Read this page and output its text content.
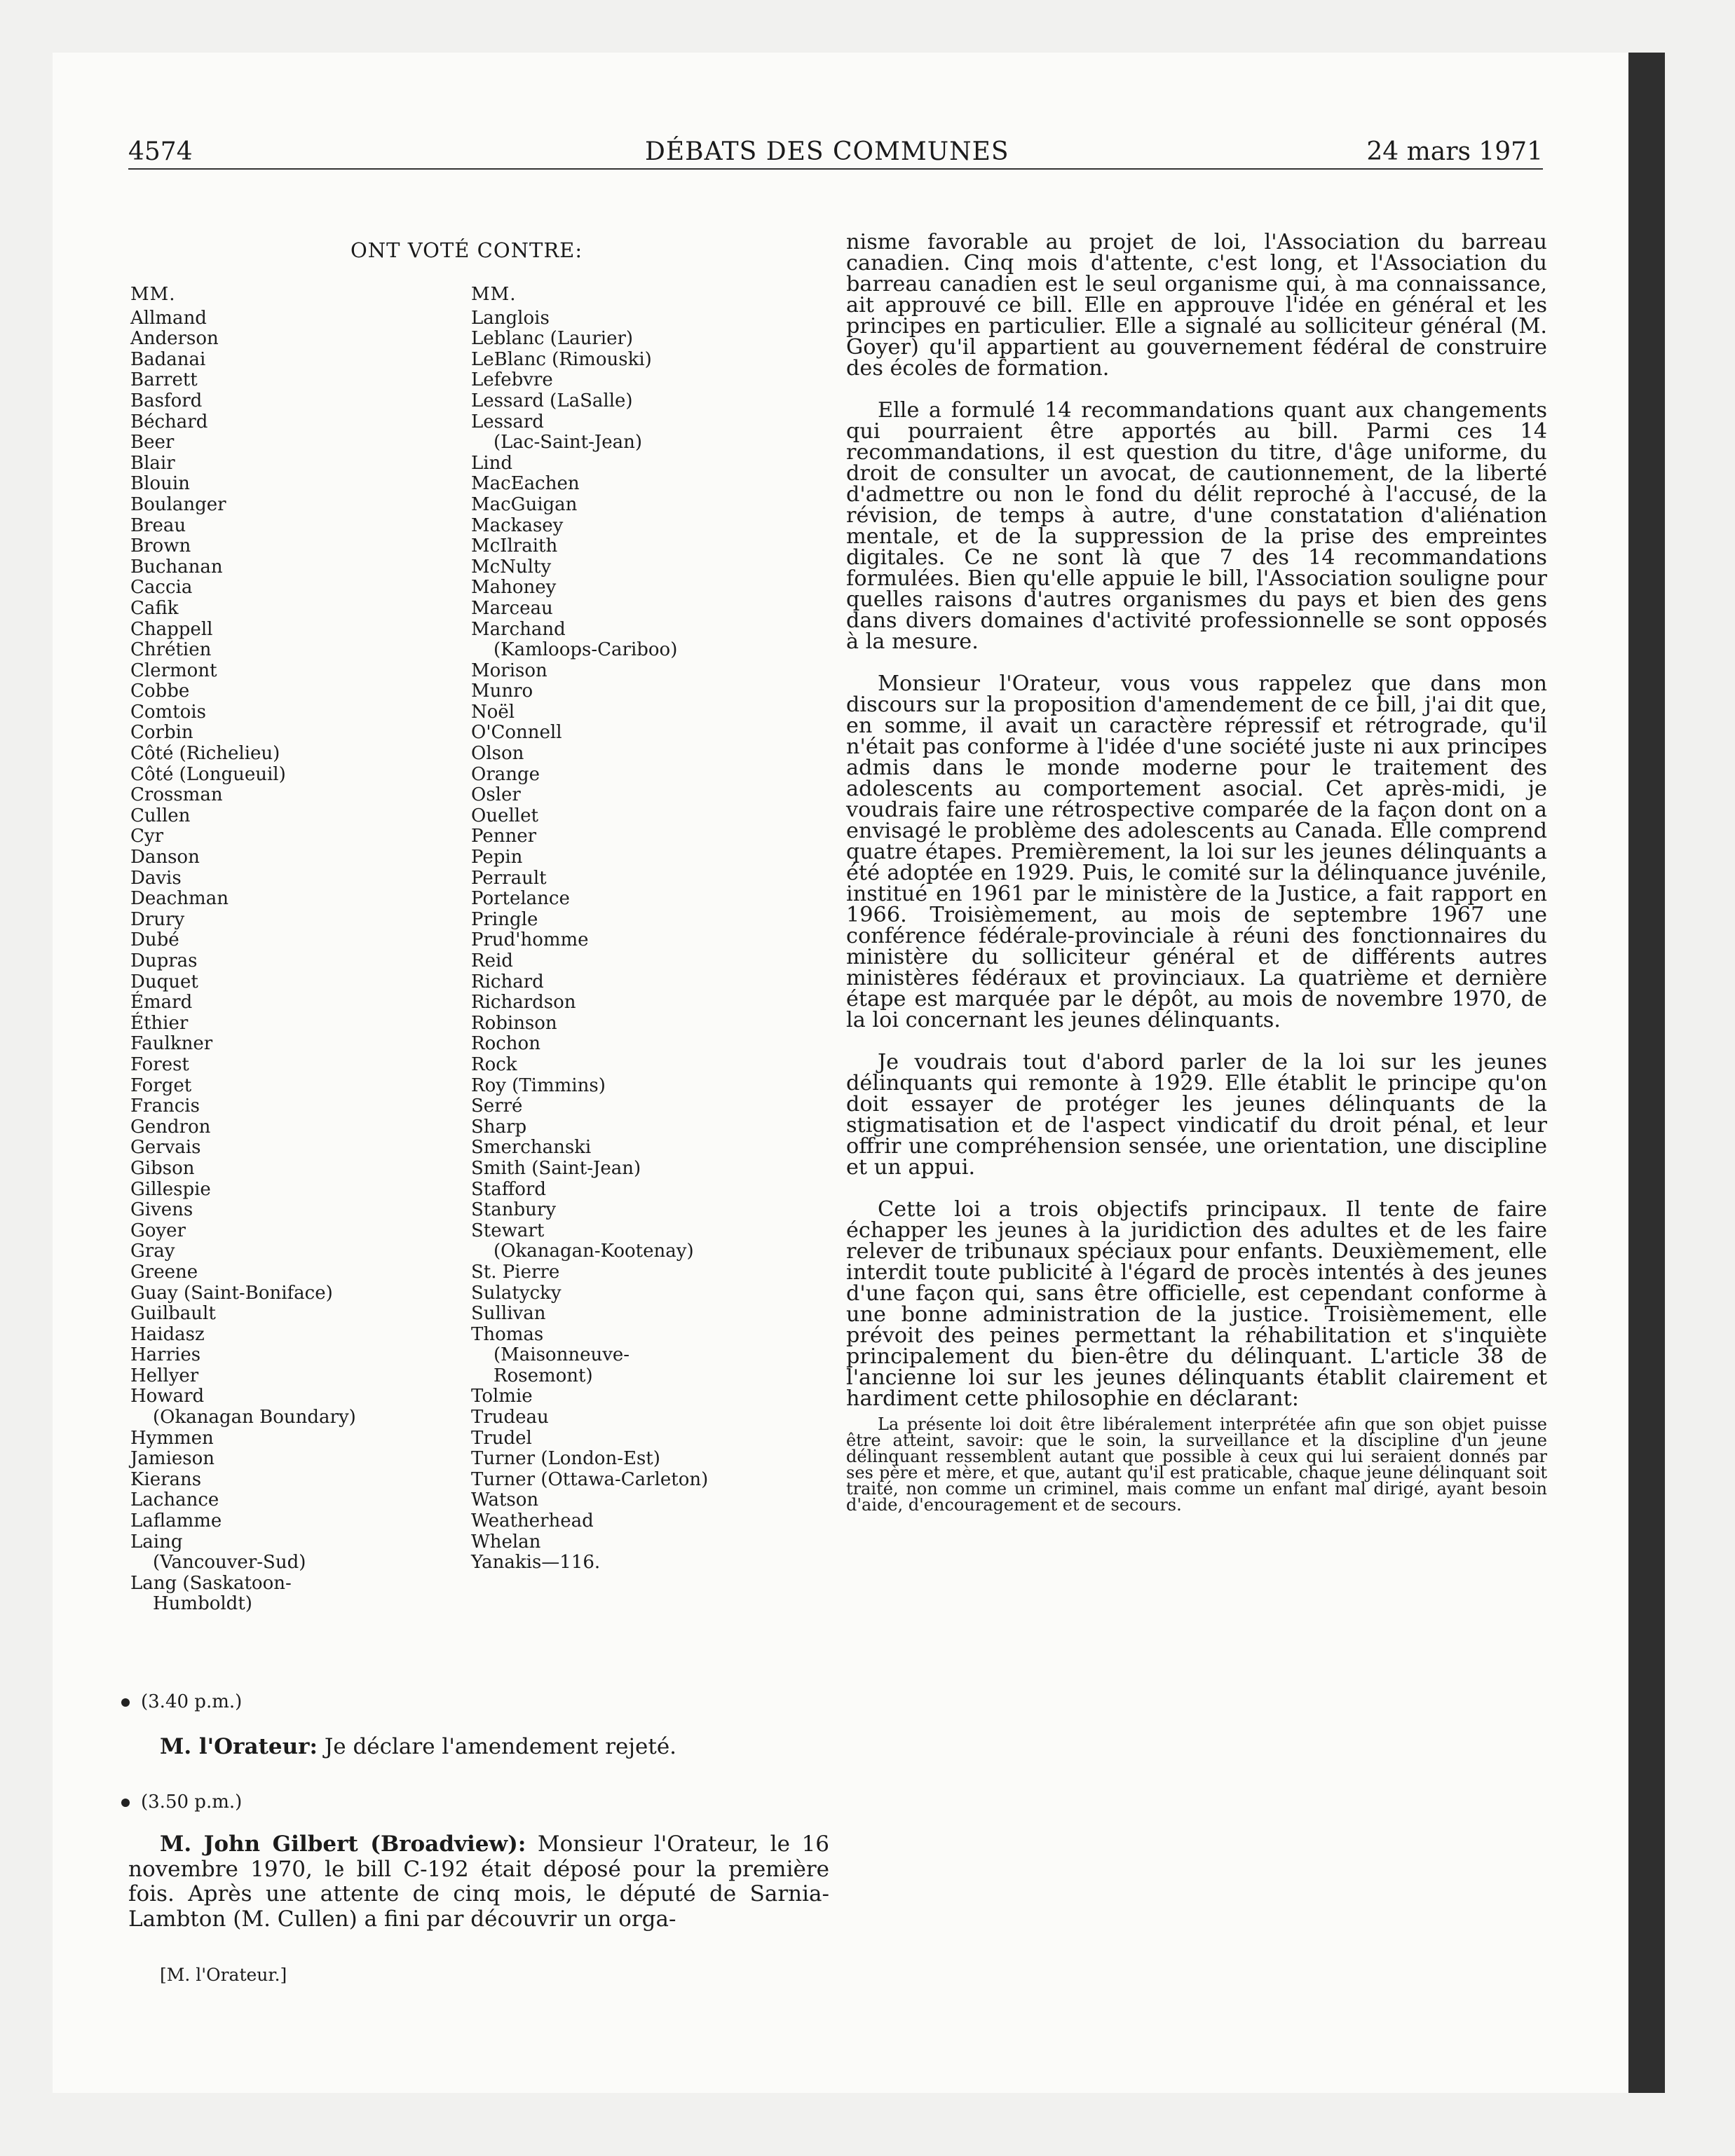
4574	DÉBATS DES COMMUNES	24 mars 1971
ONT VOTÉ CONTRE:
MM.
Allmand
Anderson
Badanai
Barrett
Basford
Béchard
Beer
Blair
Blouin
Boulanger
Breau
Brown
Buchanan
Caccia
Cafik
Chappell
Chrétien
Clermont
Cobbe
Comtois
Corbin
Côté (Richelieu)
Côté (Longueuil)
Crossman
Cullen
Cyr
Danson
Davis
Deachman
Drury
Dubé
Dupras
Duquet
Émard
Éthier
Faulkner
Forest
Forget
Francis
Gendron
Gervais
Gibson
Gillespie
Givens
Goyer
Gray
Greene
Guay (Saint-Boniface)
Guilbault
Haidasz
Harries
Hellyer
Howard
(Okanagan Boundary)
Hymmen
Jamieson
Kierans
Lachance
Laflamme
Laing
(Vancouver-Sud)
Lang (Saskatoon-
Humboldt)
MM.
Langlois
Leblanc (Laurier)
LeBlanc (Rimouski)
Lefebvre
Lessard (LaSalle)
Lessard
(Lac-Saint-Jean)
Lind
MacEachen
MacGuigan
Mackasey
McIlraith
McNulty
Mahoney
Marceau
Marchand
(Kamloops-Cariboo)
Morison
Munro
Noël
O'Connell
Olson
Orange
Osler
Ouellet
Penner
Pepin
Perrault
Portelance
Pringle
Prud'homme
Reid
Richard
Richardson
Robinson
Rochon
Rock
Roy (Timmins)
Serré
Sharp
Smerchanski
Smith (Saint-Jean)
Stafford
Stanbury
Stewart
(Okanagan-Kootenay)
St. Pierre
Sulatycky
Sullivan
Thomas
(Maisonneuve-
Rosemont)
Tolmie
Trudeau
Trudel
Turner (London-Est)
Turner (Ottawa-Carleton)
Watson
Weatherhead
Whelan
Yanakis—116.
(3.40 p.m.)
M. l'Orateur: Je déclare l'amendement rejeté.
(3.50 p.m.)
M. John Gilbert (Broadview): Monsieur l'Orateur, le 16 novembre 1970, le bill C-192 était déposé pour la première fois. Après une attente de cinq mois, le député de Sarnia-Lambton (M. Cullen) a fini par découvrir un orga-
[M. l'Orateur.]

nisme favorable au projet de loi, l'Association du barreau canadien. Cinq mois d'attente, c'est long, et l'Association du barreau canadien est le seul organisme qui, à ma connaissance, ait approuvé ce bill. Elle en approuve l'idée en général et les principes en particulier. Elle a signalé au solliciteur général (M. Goyer) qu'il appartient au gouvernement fédéral de construire des écoles de formation.

Elle a formulé 14 recommandations quant aux changements qui pourraient être apportés au bill. Parmi ces 14 recommandations, il est question du titre, d'âge uniforme, du droit de consulter un avocat, de cautionnement, de la liberté d'admettre ou non le fond du délit reproché à l'accusé, de la révision, de temps à autre, d'une constatation d'aliénation mentale, et de la suppression de la prise des empreintes digitales. Ce ne sont là que 7 des 14 recommandations formulées. Bien qu'elle appuie le bill, l'Association souligne pour quelles raisons d'autres organismes du pays et bien des gens dans divers domaines d'activité professionnelle se sont opposés à la mesure.

Monsieur l'Orateur, vous vous rappelez que dans mon discours sur la proposition d'amendement de ce bill, j'ai dit que, en somme, il avait un caractère répressif et rétrograde, qu'il n'était pas conforme à l'idée d'une société juste ni aux principes admis dans le monde moderne pour le traitement des adolescents au comportement asocial. Cet après-midi, je voudrais faire une rétrospective comparée de la façon dont on a envisagé le problème des adolescents au Canada. Elle comprend quatre étapes. Premièrement, la loi sur les jeunes délinquants a été adoptée en 1929. Puis, le comité sur la délinquance juvénile, institué en 1961 par le ministère de la Justice, a fait rapport en 1966. Troisièmement, au mois de septembre 1967 une conférence fédérale-provinciale à réuni des fonctionnaires du ministère du solliciteur général et de différents autres ministères fédéraux et provinciaux. La quatrième et dernière étape est marquée par le dépôt, au mois de novembre 1970, de la loi concernant les jeunes délinquants.

Je voudrais tout d'abord parler de la loi sur les jeunes délinquants qui remonte à 1929. Elle établit le principe qu'on doit essayer de protéger les jeunes délinquants de la stigmatisation et de l'aspect vindicatif du droit pénal, et leur offrir une compréhension sensée, une orientation, une discipline et un appui.

Cette loi a trois objectifs principaux. Il tente de faire échapper les jeunes à la juridiction des adultes et de les faire relever de tribunaux spéciaux pour enfants. Deuxièmement, elle interdit toute publicité à l'égard de procès intentés à des jeunes d'une façon qui, sans être officielle, est cependant conforme à une bonne administration de la justice. Troisièmement, elle prévoit des peines permettant la réhabilitation et s'inquiète principalement du bien-être du délinquant. L'article 38 de l'ancienne loi sur les jeunes délinquants établit clairement et hardiment cette philosophie en déclarant:

La présente loi doit être libéralement interprétée afin que son objet puisse être atteint, savoir: que le soin, la surveillance et la discipline d'un jeune délinquant ressemblent autant que possible à ceux qui lui seraient donnés par ses père et mère, et que, autant qu'il est praticable, chaque jeune délinquant soit traité, non comme un criminel, mais comme un enfant mal dirigé, ayant besoin d'aide, d'encouragement et de secours.
